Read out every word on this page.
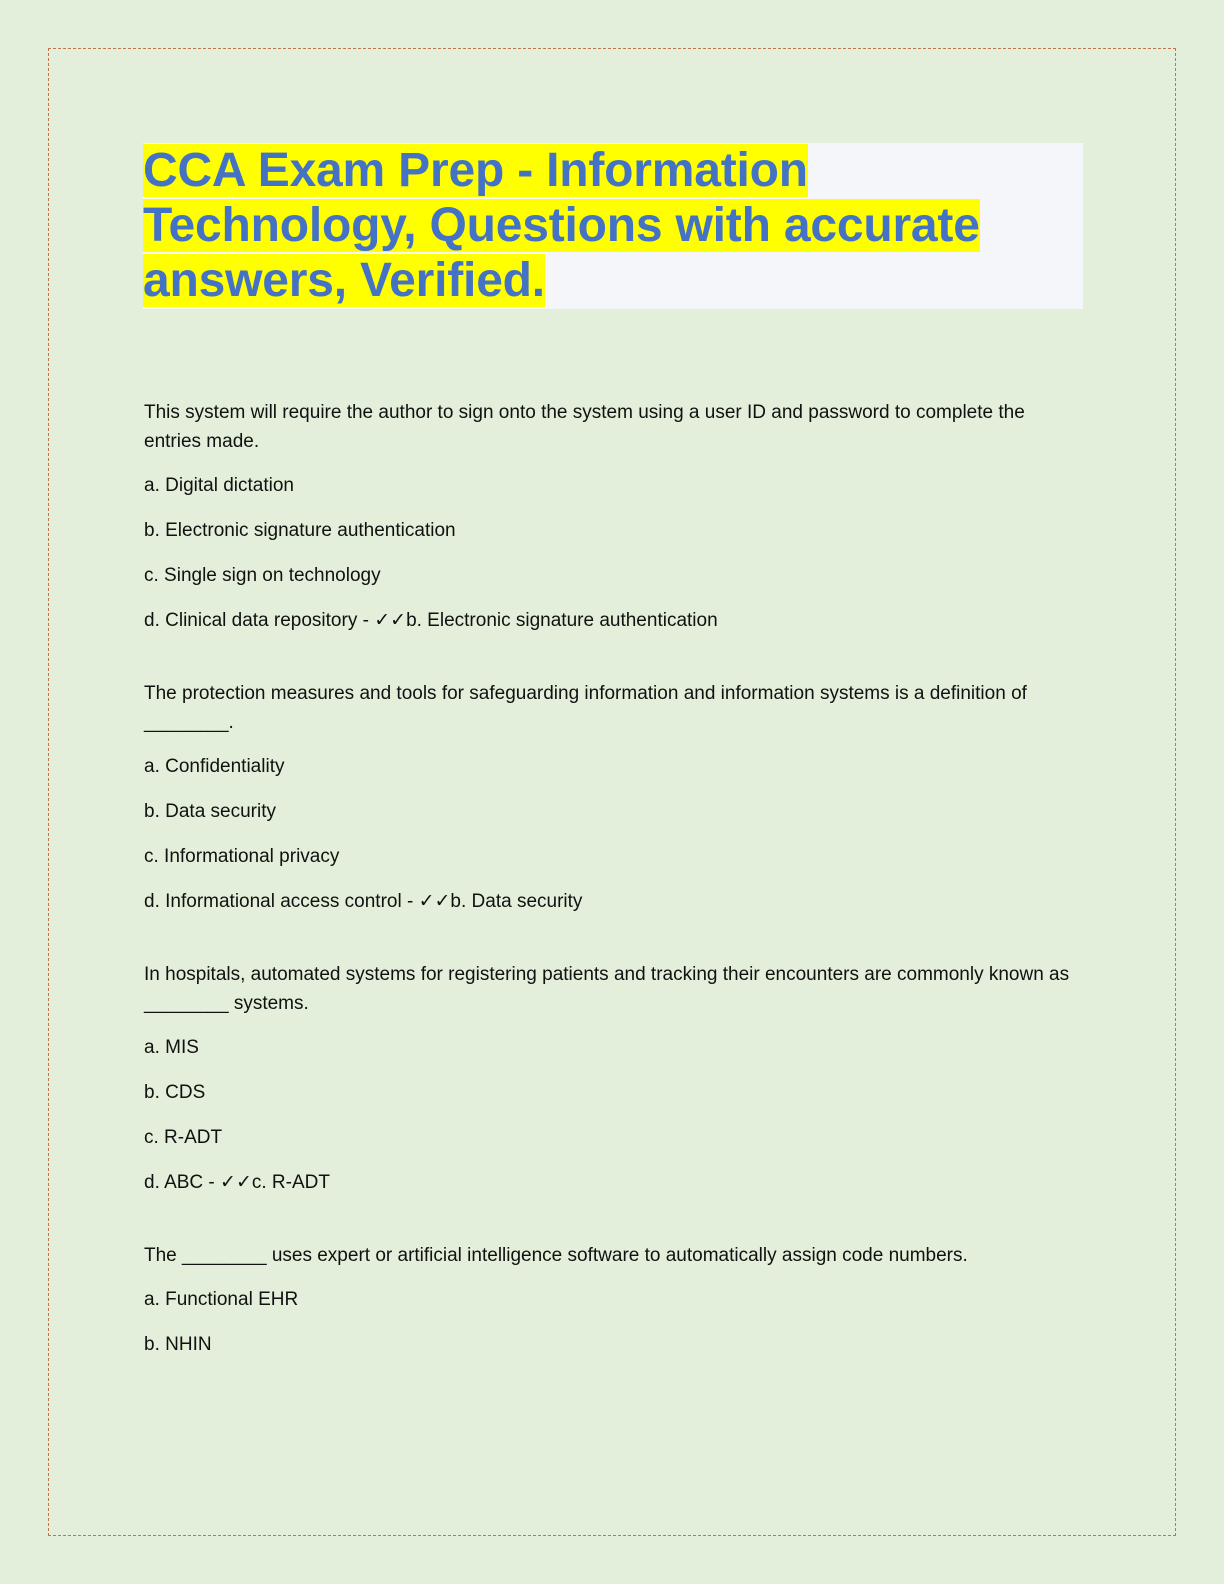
CCA Exam Prep - Information Technology, Questions with accurate answers, Verified.

This system will require the author to sign onto the system using a user ID and password to complete the entries made.

a. Digital dictation

b. Electronic signature authentication

c. Single sign on technology

d. Clinical data repository - ✓✓b. Electronic signature authentication

The protection measures and tools for safeguarding information and information systems is a definition of ________.

a. Confidentiality

b. Data security

c. Informational privacy

d. Informational access control - ✓✓b. Data security

In hospitals, automated systems for registering patients and tracking their encounters are commonly known as ________ systems.

a. MIS

b. CDS

c. R-ADT

d. ABC - ✓✓c. R-ADT

The ________ uses expert or artificial intelligence software to automatically assign code numbers.

a. Functional EHR

b. NHIN
